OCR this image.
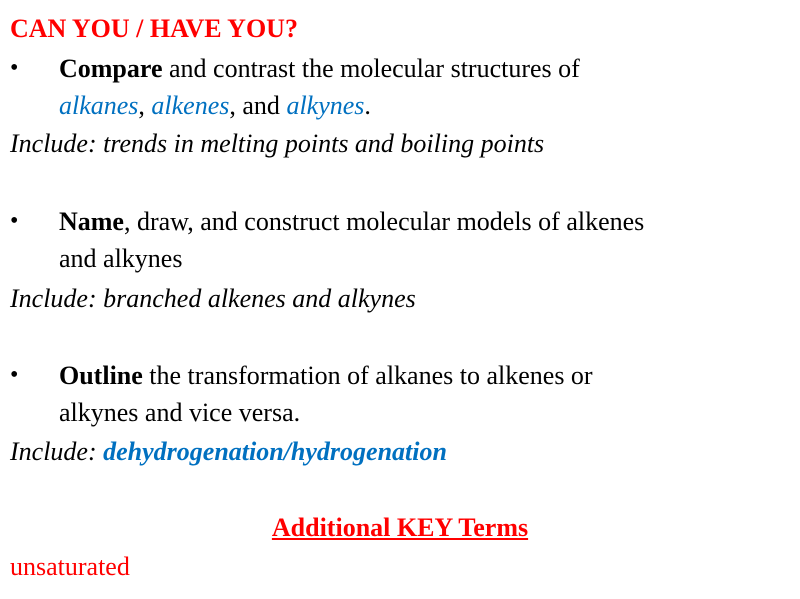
CAN YOU / HAVE YOU?
• Compare and contrast the molecular structures of
alkanes, alkenes, and alkynes.
Include: trends in melting points and boiling points
• Name, draw, and construct molecular models of alkenes
and alkynes
Include: branched alkenes and alkynes
• Outline the transformation of alkanes to alkenes or
alkynes and vice versa.
Include: dehydrogenation/hydrogenation
Additional KEY Terms
unsaturated
